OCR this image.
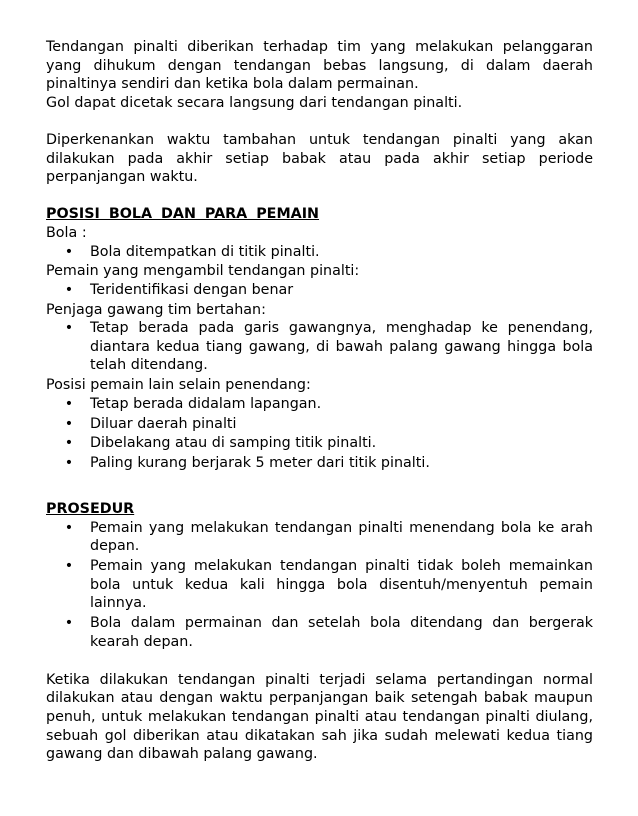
Tendangan pinalti diberikan terhadap tim yang melakukan pelanggaran yang dihukum dengan tendangan bebas langsung, di dalam daerah pinaltinya sendiri dan ketika bola dalam permainan.

Gol dapat dicetak secara langsung dari tendangan pinalti.

Diperkenankan waktu tambahan untuk tendangan pinalti yang akan dilakukan pada akhir setiap babak atau pada akhir setiap periode perpanjangan waktu.

POSISI BOLA DAN PARA PEMAIN

Bola :

• Bola ditempatkan di titik pinalti.

Pemain yang mengambil tendangan pinalti:

• Teridentifikasi dengan benar

Penjaga gawang tim bertahan:

• Tetap berada pada garis gawangnya, menghadap ke penendang, diantara kedua tiang gawang, di bawah palang gawang hingga bola telah ditendang.

Posisi pemain lain selain penendang:

• Tetap berada didalam lapangan.
• Diluar daerah pinalti
• Dibelakang atau di samping titik pinalti.
• Paling kurang berjarak 5 meter dari titik pinalti.

PROSEDUR

• Pemain yang melakukan tendangan pinalti menendang bola ke arah depan.
• Pemain yang melakukan tendangan pinalti tidak boleh memainkan bola untuk kedua kali hingga bola disentuh/menyentuh pemain lainnya.
• Bola dalam permainan dan setelah bola ditendang dan bergerak kearah depan.

Ketika dilakukan tendangan pinalti terjadi selama pertandingan normal dilakukan atau dengan waktu perpanjangan baik setengah babak maupun penuh, untuk melakukan tendangan pinalti atau tendangan pinalti diulang, sebuah gol diberikan atau dikatakan sah jika sudah melewati kedua tiang gawang dan dibawah palang gawang.
